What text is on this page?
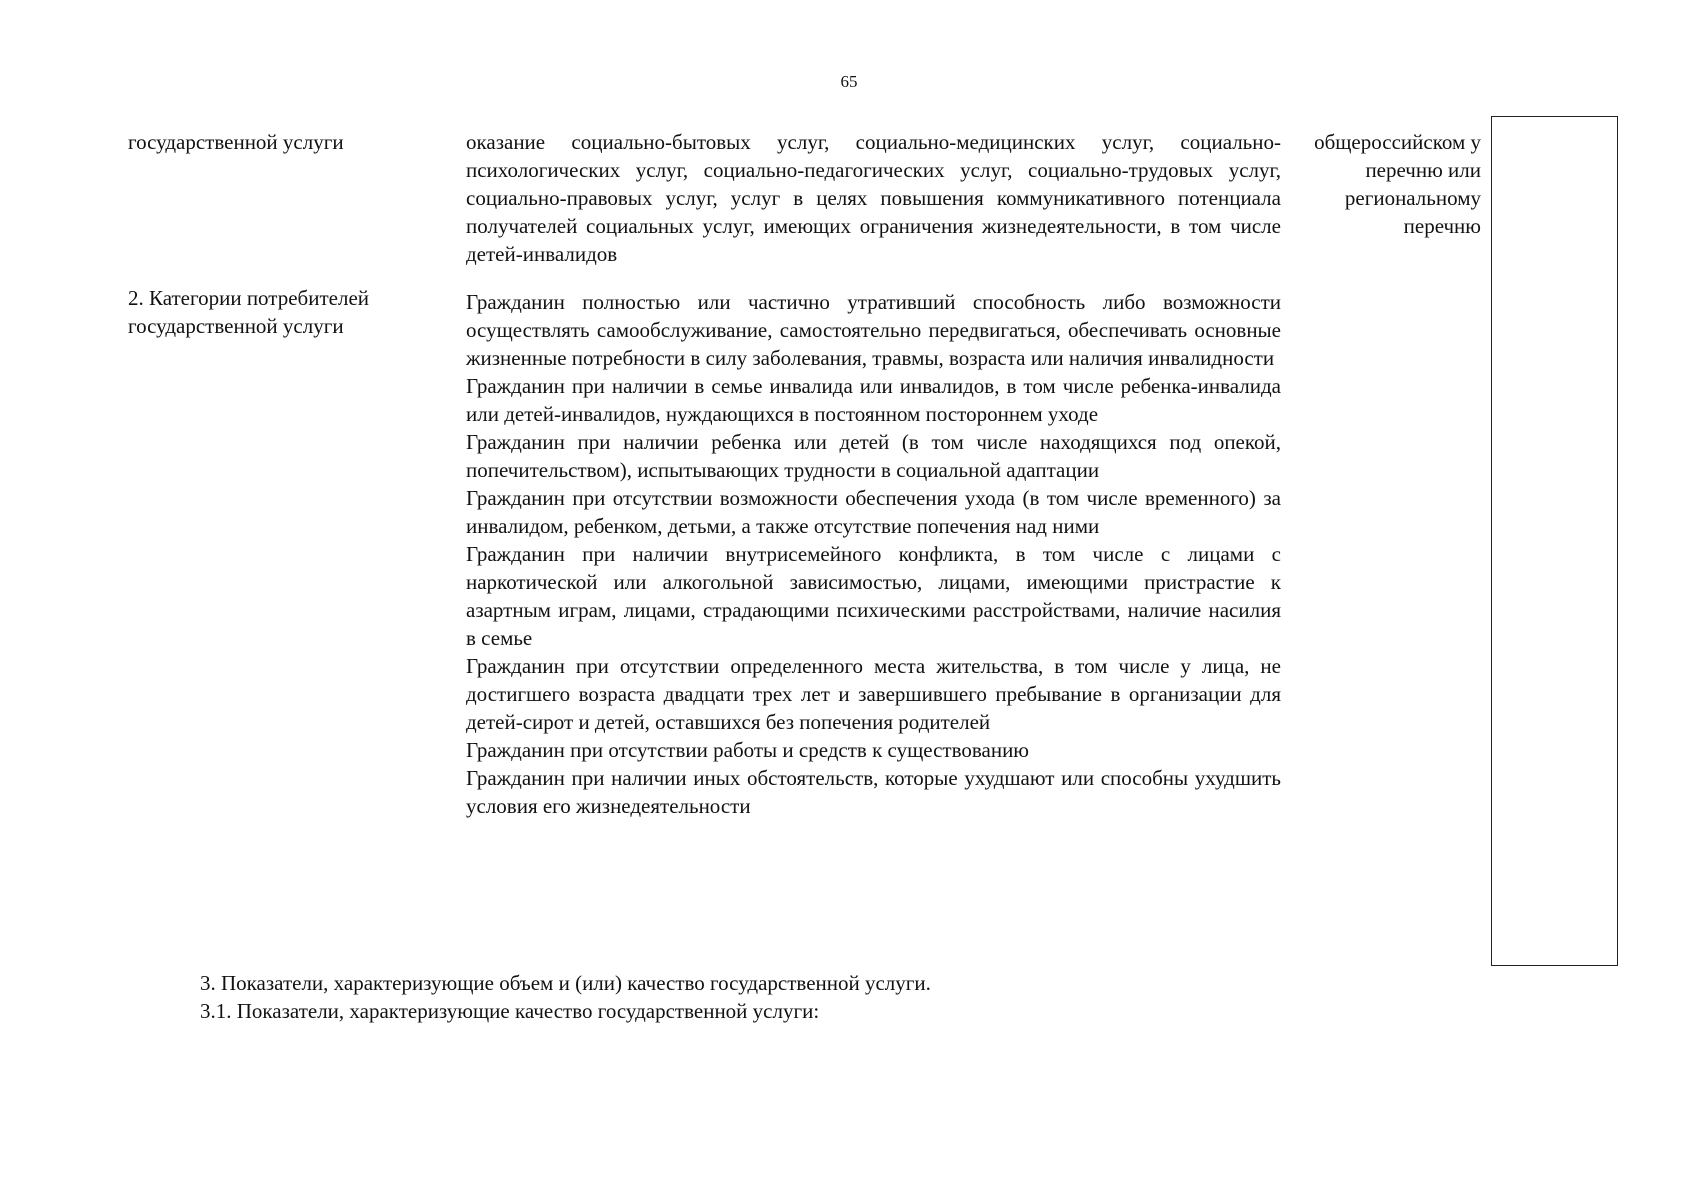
65
государственной услуги	оказание социально-бытовых услуг, социально-медицинских услуг, социально-психологических услуг, социально-педагогических услуг, социально-трудовых услуг, социально-правовых услуг, услуг в целях повышения коммуникативного потенциала получателей социальных услуг, имеющих ограничения жизнедеятельности, в том числе детей-инвалидов
общероссийском у перечню или региональному перечню
2. Категории потребителей государственной услуги

Гражданин полностью или частично утративший способность либо возможности осуществлять самообслуживание, самостоятельно передвигаться, обеспечивать основные жизненные потребности в силу заболевания, травмы, возраста или наличия инвалидности

Гражданин при наличии в семье инвалида или инвалидов, в том числе ребенка-инвалида или детей-инвалидов, нуждающихся в постоянном постороннем уходе

Гражданин при наличии ребенка или детей (в том числе находящихся под опекой, попечительством), испытывающих трудности в социальной адаптации

Гражданин при отсутствии возможности обеспечения ухода (в том числе временного) за инвалидом, ребенком, детьми, а также отсутствие попечения над ними

Гражданин при наличии внутрисемейного конфликта, в том числе с лицами с наркотической или алкогольной зависимостью, лицами, имеющими пристрастие к азартным играм, лицами, страдающими психическими расстройствами, наличие насилия в семье

Гражданин при отсутствии определенного места жительства, в том числе у лица, не достигшего возраста двадцати трех лет и завершившего пребывание в организации для детей-сирот и детей, оставшихся без попечения родителей

Гражданин при отсутствии работы и средств к существованию

Гражданин при наличии иных обстоятельств, которые ухудшают или способны ухудшить условия его жизнедеятельности

3. Показатели, характеризующие объем и (или) качество государственной услуги.
3.1. Показатели, характеризующие качество государственной услуги:
